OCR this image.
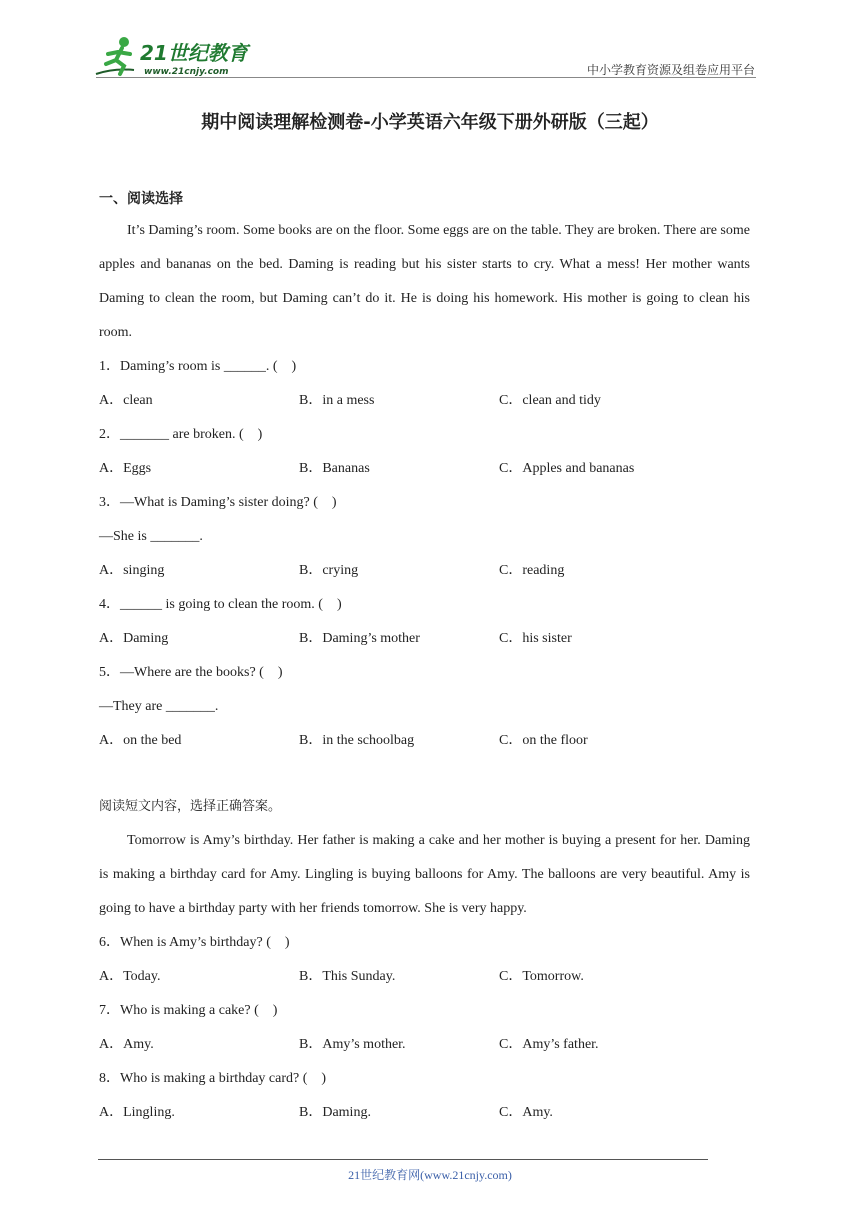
21世纪教育
www.21cnjy.com	中小学教育资源及组卷应用平台
期中阅读理解检测卷-小学英语六年级下册外研版（三起）
一、阅读选择

It’s Daming’s room. Some books are on the floor. Some eggs are on the table. They are broken. There are some apples and bananas on the bed. Daming is reading but his sister starts to cry. What a mess! Her mother wants Daming to clean the room, but Daming can’t do it. He is doing his homework. His mother is going to clean his room.

1．Daming’s room is ______. (　)
A．clean	B．in a mess	C．clean and tidy
2．_______ are broken. (　)
A．Eggs	B．Bananas	C．Apples and bananas
3．—What is Daming’s sister doing? (　)
—She is _______.
A．singing	B．crying	C．reading
4．______ is going to clean the room. (　)
A．Daming	B．Daming’s mother	C．his sister
5．—Where are the books? (　)
—They are _______.
A．on the bed	B．in the schoolbag	C．on the floor
阅读短文内容，选择正确答案。

Tomorrow is Amy’s birthday. Her father is making a cake and her mother is buying a present for her. Daming is making a birthday card for Amy. Lingling is buying balloons for Amy. The balloons are very beautiful. Amy is going to have a birthday party with her friends tomorrow. She is very happy.

6．When is Amy’s birthday? (　)
A．Today.	B．This Sunday.	C．Tomorrow.
7．Who is making a cake? (　)
A．Amy.	B．Amy’s mother.	C．Amy’s father.
8．Who is making a birthday card? (　)
A．Lingling.	B．Daming.	C．Amy.
21世纪教育网(www.21cnjy.com)
